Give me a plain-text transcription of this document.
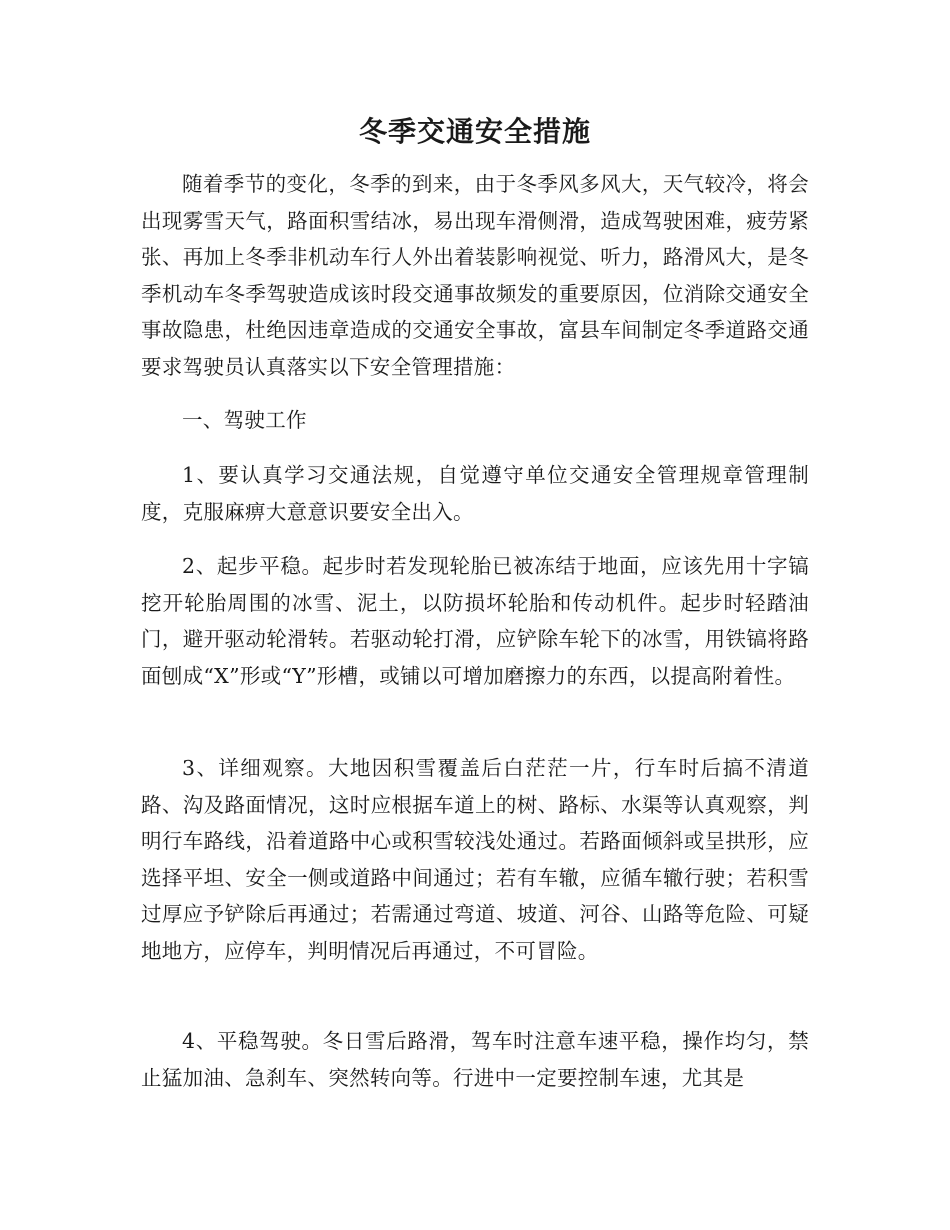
冬季交通安全措施

随着季节的变化，冬季的到来，由于冬季风多风大，天气较冷，将会出现雾雪天气，路面积雪结冰，易出现车滑侧滑，造成驾驶困难，疲劳紧张、再加上冬季非机动车行人外出着装影响视觉、听力，路滑风大，是冬季机动车冬季驾驶造成该时段交通事故频发的重要原因，位消除交通安全事故隐患，杜绝因违章造成的交通安全事故，富县车间制定冬季道路交通要求驾驶员认真落实以下安全管理措施：

一、驾驶工作

1、要认真学习交通法规，自觉遵守单位交通安全管理规章管理制度，克服麻痹大意意识要安全出入。

2、起步平稳。起步时若发现轮胎已被冻结于地面，应该先用十字镐挖开轮胎周围的冰雪、泥土，以防损坏轮胎和传动机件。起步时轻踏油门，避开驱动轮滑转。若驱动轮打滑，应铲除车轮下的冰雪，用铁镐将路面刨成“X”形或“Y”形槽，或铺以可增加磨擦力的东西，以提高附着性。

3、详细观察。大地因积雪覆盖后白茫茫一片，行车时后搞不清道路、沟及路面情况，这时应根据车道上的树、路标、水渠等认真观察，判明行车路线，沿着道路中心或积雪较浅处通过。若路面倾斜或呈拱形，应选择平坦、安全一侧或道路中间通过；若有车辙，应循车辙行驶；若积雪过厚应予铲除后再通过；若需通过弯道、坡道、河谷、山路等危险、可疑地地方，应停车，判明情况后再通过，不可冒险。

4、平稳驾驶。冬日雪后路滑，驾车时注意车速平稳，操作均匀，禁止猛加油、急刹车、突然转向等。行进中一定要控制车速，尤其是
